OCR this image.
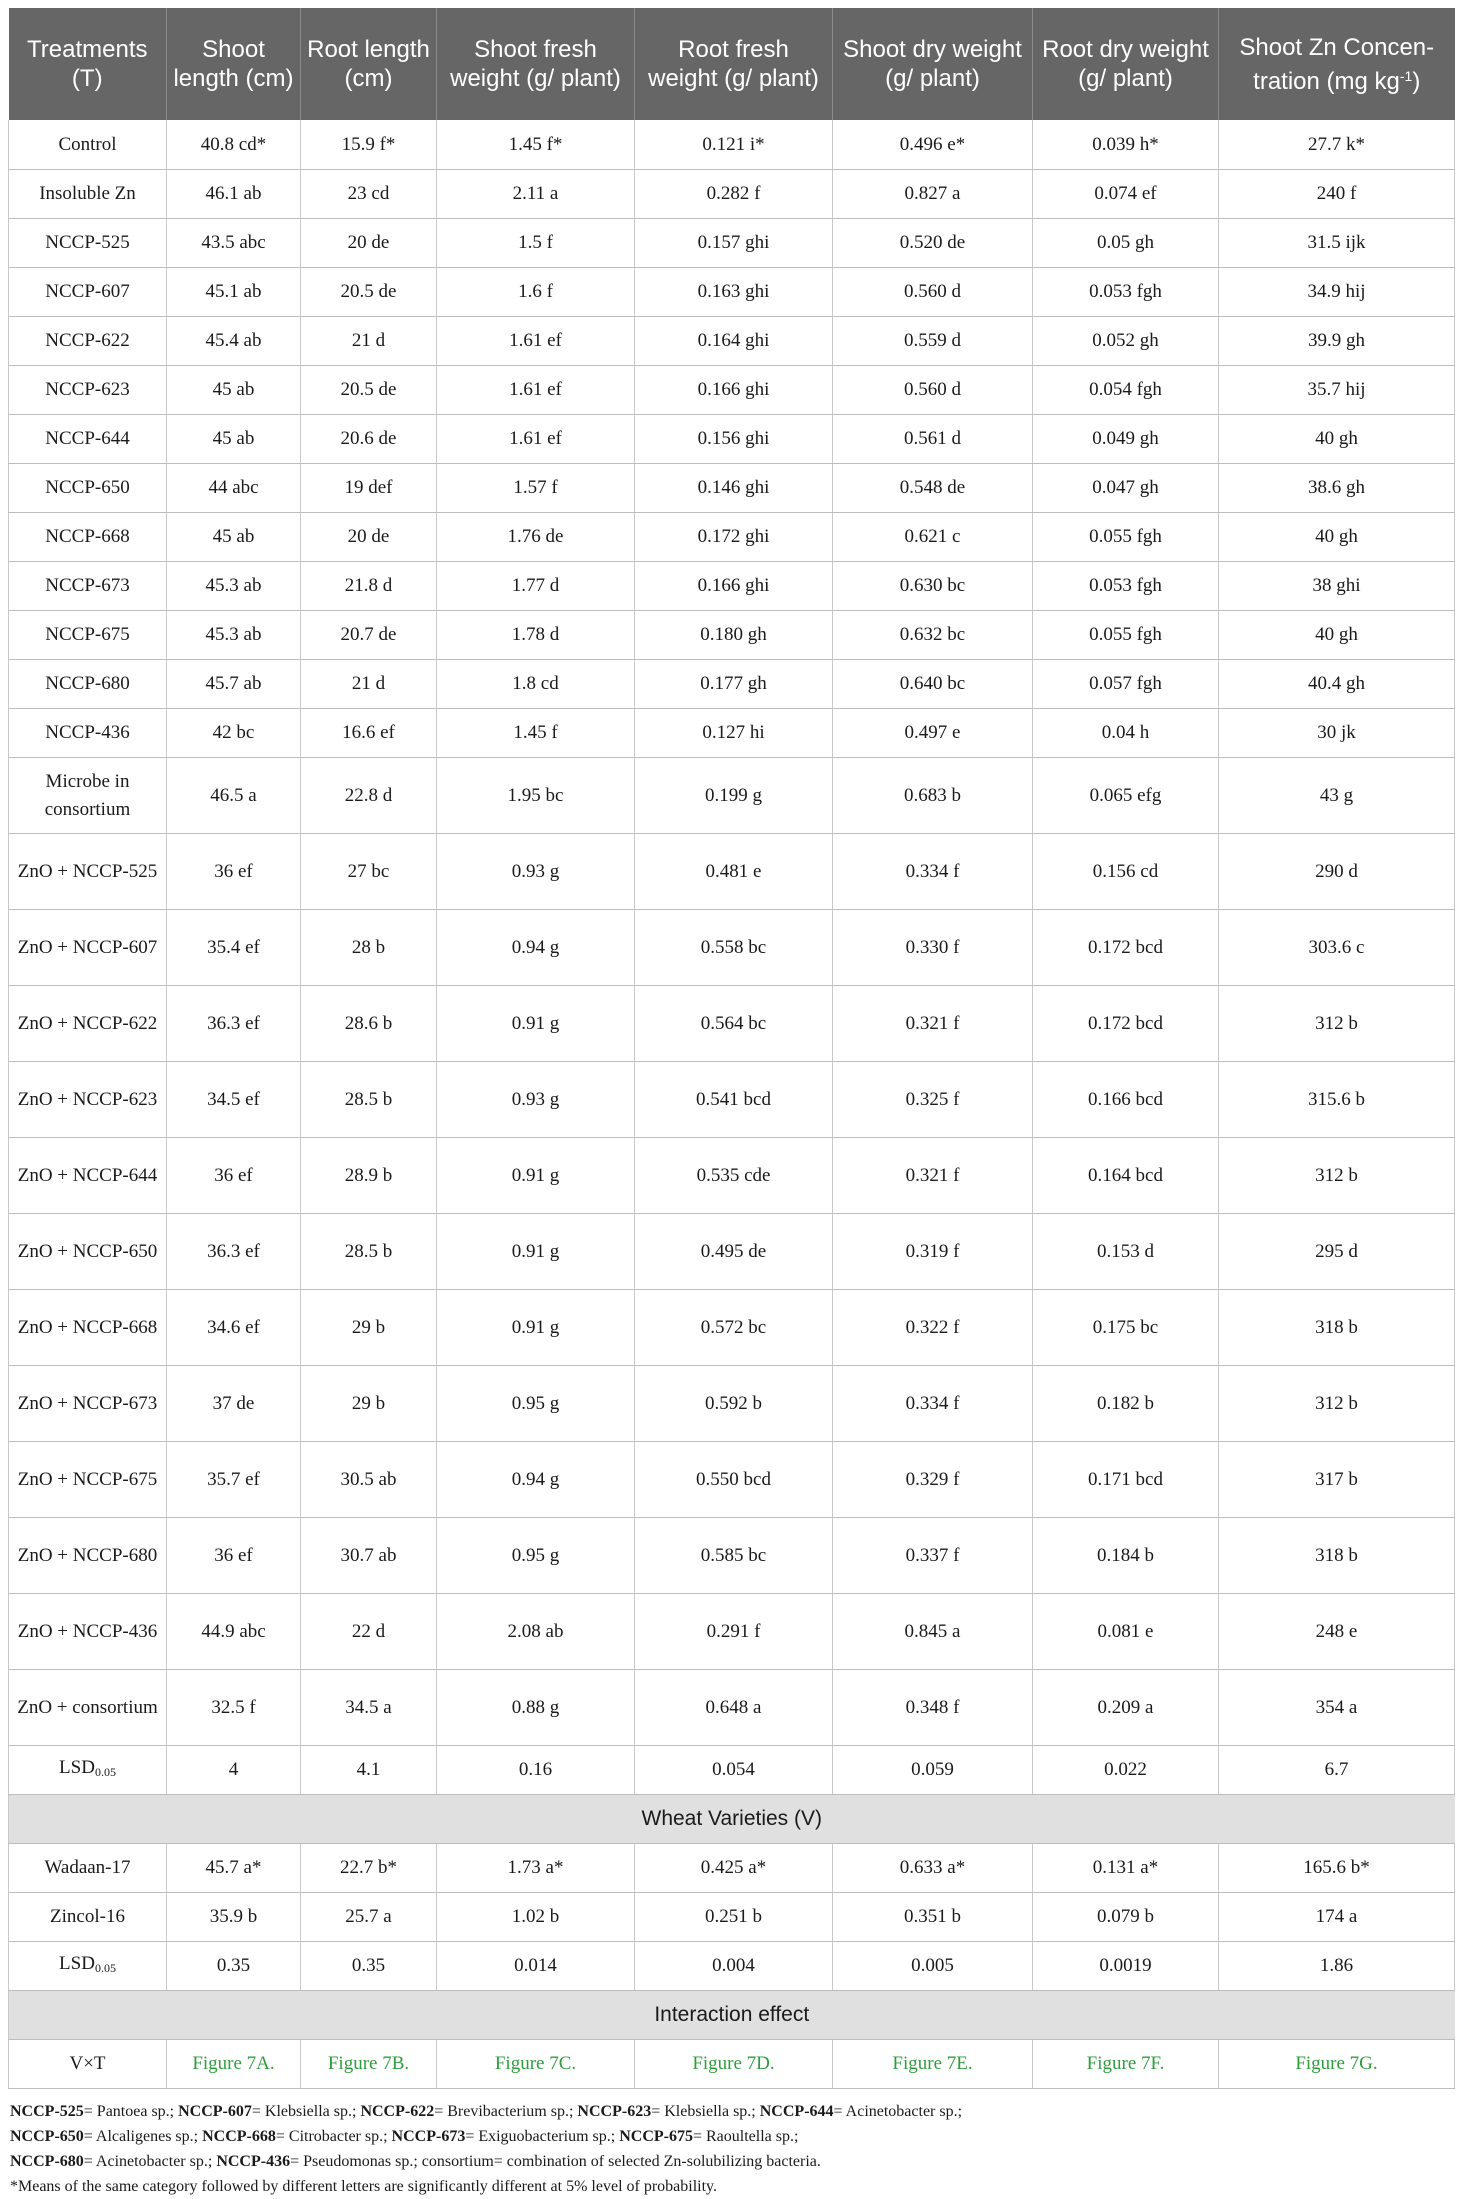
Treatments (T)	Shoot length (cm)	Root length (cm)	Shoot fresh weight (g/ plant)	Root fresh weight (g/ plant)	Shoot dry weight (g/ plant)	Root dry weight (g/ plant)	Shoot Zn Concen-tration (mg $kg^{-1}$)
Control	40.8 cd*	15.9 f*	1.45 f*	0.121 i*	0.496 e*	0.039 h*	27.7 k*
Insoluble Zn	46.1 ab	23 cd	2.11 a	0.282 f	0.827 a	0.074 ef	240 f
NCCP-525	43.5 abc	20 de	1.5 f	0.157 ghi	0.520 de	0.05 gh	31.5 ijk
NCCP-607	45.1 ab	20.5 de	1.6 f	0.163 ghi	0.560 d	0.053 fgh	34.9 hij
NCCP-622	45.4 ab	21 d	1.61 ef	0.164 ghi	0.559 d	0.052 gh	39.9 gh
NCCP-623	45 ab	20.5 de	1.61 ef	0.166 ghi	0.560 d	0.054 fgh	35.7 hij
NCCP-644	45 ab	20.6 de	1.61 ef	0.156 ghi	0.561 d	0.049 gh	40 gh
NCCP-650	44 abc	19 def	1.57 f	0.146 ghi	0.548 de	0.047 gh	38.6 gh
NCCP-668	45 ab	20 de	1.76 de	0.172 ghi	0.621 c	0.055 fgh	40 gh
NCCP-673	45.3 ab	21.8 d	1.77 d	0.166 ghi	0.630 bc	0.053 fgh	38 ghi
NCCP-675	45.3 ab	20.7 de	1.78 d	0.180 gh	0.632 bc	0.055 fgh	40 gh
NCCP-680	45.7 ab	21 d	1.8 cd	0.177 gh	0.640 bc	0.057 fgh	40.4 gh
NCCP-436	42 bc	16.6 ef	1.45 f	0.127 hi	0.497 e	0.04 h	30 jk
Microbe in consortium	46.5 a	22.8 d	1.95 bc	0.199 g	0.683 b	0.065 efg	43 g
ZnO + NCCP-525	36 ef	27 bc	0.93 g	0.481 e	0.334 f	0.156 cd	290 d
ZnO + NCCP-607	35.4 ef	28 b	0.94 g	0.558 bc	0.330 f	0.172 bcd	303.6 c
ZnO + NCCP-622	36.3 ef	28.6 b	0.91 g	0.564 bc	0.321 f	0.172 bcd	312 b
ZnO + NCCP-623	34.5 ef	28.5 b	0.93 g	0.541 bcd	0.325 f	0.166 bcd	315.6 b
ZnO + NCCP-644	36 ef	28.9 b	0.91 g	0.535 cde	0.321 f	0.164 bcd	312 b
ZnO + NCCP-650	36.3 ef	28.5 b	0.91 g	0.495 de	0.319 f	0.153 d	295 d
ZnO + NCCP-668	34.6 ef	29 b	0.91 g	0.572 bc	0.322 f	0.175 bc	318 b
ZnO + NCCP-673	37 de	29 b	0.95 g	0.592 b	0.334 f	0.182 b	312 b
ZnO + NCCP-675	35.7 ef	30.5 ab	0.94 g	0.550 bcd	0.329 f	0.171 bcd	317 b
ZnO + NCCP-680	36 ef	30.7 ab	0.95 g	0.585 bc	0.337 f	0.184 b	318 b
ZnO + NCCP-436	44.9 abc	22 d	2.08 ab	0.291 f	0.845 a	0.081 e	248 e
ZnO + consortium	32.5 f	34.5 a	0.88 g	0.648 a	0.348 f	0.209 a	354 a
$LSD_{0.05}$	4	4.1	0.16	0.054	0.059	0.022	6.7
Wheat Varieties (V)							
Wadaan-17	45.7 a*	22.7 b*	1.73 a*	0.425 a*	0.633 a*	0.131 a*	165.6 b*
Zincol-16	35.9 b	25.7 a	1.02 b	0.251 b	0.351 b	0.079 b	174 a
$LSD_{0.05}$	0.35	0.35	0.014	0.004	0.005	0.0019	1.86
Interaction effect							
V×T	Figure 7A.	Figure 7B.	Figure 7C.	Figure 7D.	Figure 7E.	Figure 7F.	Figure 7G.
NCCP-525= Pantoea sp.; NCCP-607= Klebsiella sp.; NCCP-622= Brevibacterium sp.; NCCP-623= Klebsiella sp.; NCCP-644= Acinetobacter sp.;
NCCP-650= Alcaligenes sp.; NCCP-668= Citrobacter sp.; NCCP-673= Exiguobacterium sp.; NCCP-675= Raoultella sp.;
NCCP-680= Acinetobacter sp.; NCCP-436= Pseudomonas sp.; consortium= combination of selected Zn-solubilizing bacteria.
*Means of the same category followed by different letters are significantly different at 5% level of probability.
